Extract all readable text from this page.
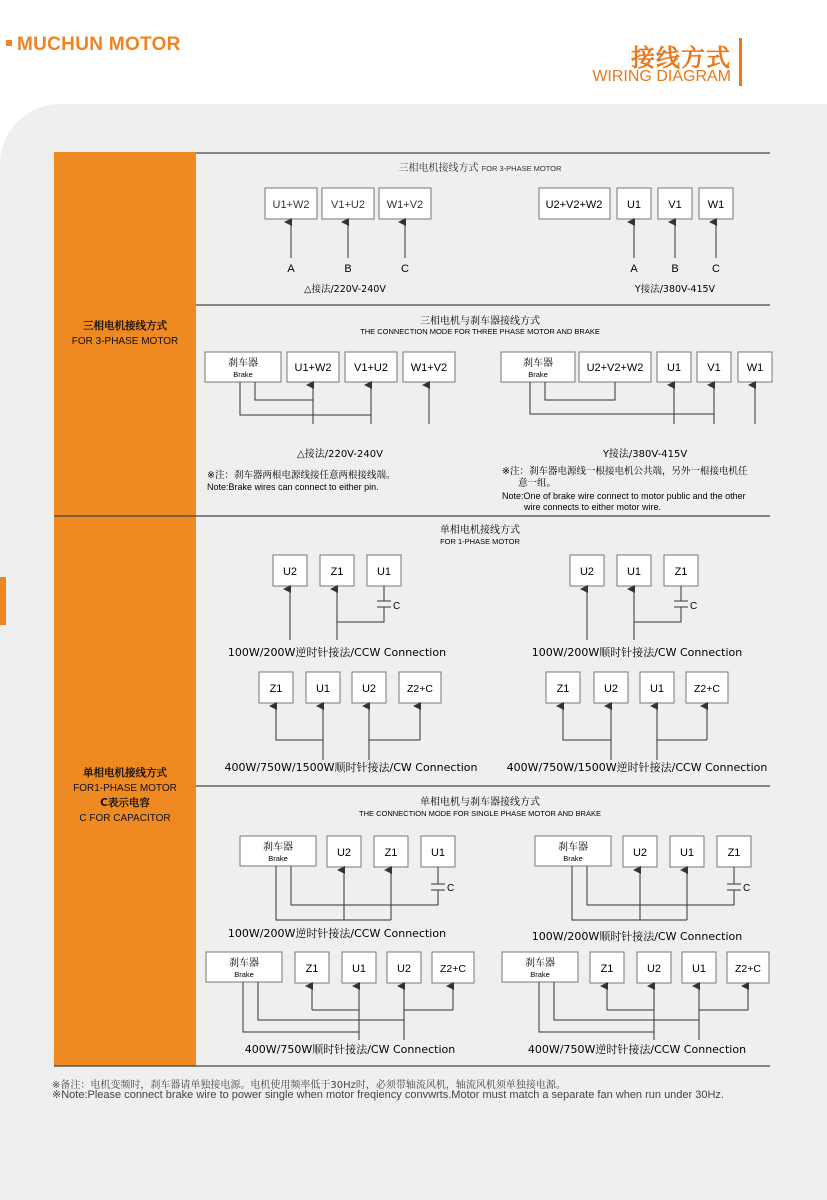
MUCHUN MOTOR	接线方式
WIRING DIAGRAM
三相电机接线方式
FOR 3-PHASE MOTOR
单相电机接线方式
FOR1-PHASE MOTOR
C表示电容
C FOR CAPACITOR
三相电机接线方式 FOR 3-PHASE MOTOR
U1+W2 V1+U2 W1+V2
A	B	C
△接法/220V-240V
U2+V2+W2 U1 V1 W1
A	B	C
Y接法/380V-415V
三相电机与刹车器接线方式
THE CONNECTION MODE FOR THREE PHASE MOTOR AND BRAKE
刹车器
Brake
U1+W2 V1+U2 W1+V2
△接法/220V-240V
※注：刹车器两根电源线接任意两根接线端。
Note:Brake wires can connect to either pin.
刹车器
Brake
U2+V2+W2 U1 V1 W1
Y接法/380V-415V
※注：刹车器电源线一根接电机公共端，另外一根接电机任
意一组。
Note:One of brake wire connect to motor public and the other
wire connects to either motor wire.
单相电机接线方式
FOR 1-PHASE MOTOR
U2	Z1	U1
C
100W/200W逆时针接法/CCW Connection
U2	U1	Z1
C
100W/200W顺时针接法/CW Connection
Z1	U1	U2	Z2+C
400W/750W/1500W顺时针接法/CW Connection
Z1	U2	U1	Z2+C
400W/750W/1500W逆时针接法/CCW Connection
单相电机与刹车器接线方式
THE CONNECTION MODE FOR SINGLE PHASE MOTOR AND BRAKE
刹车器
Brake	U2	Z1	U1
C
100W/200W逆时针接法/CCW Connection
刹车器
Brake	U2	U1	Z1
C
100W/200W顺时针接法/CW Connection
刹车器
Brake	Z1	U1	U2	Z2+C
400W/750W顺时针接法/CW Connection
刹车器
Brake	Z1	U2	U1	Z2+C
400W/750W逆时针接法/CCW Connection
※备注：电机变频时，刹车器请单独接电源。电机使用频率低于30Hz时，必须带轴流风机，轴流风机须单独接电源。
※Note:Please connect brake wire to power single when motor freqiency convwrts.Motor must match a separate fan when run under 30Hz.
